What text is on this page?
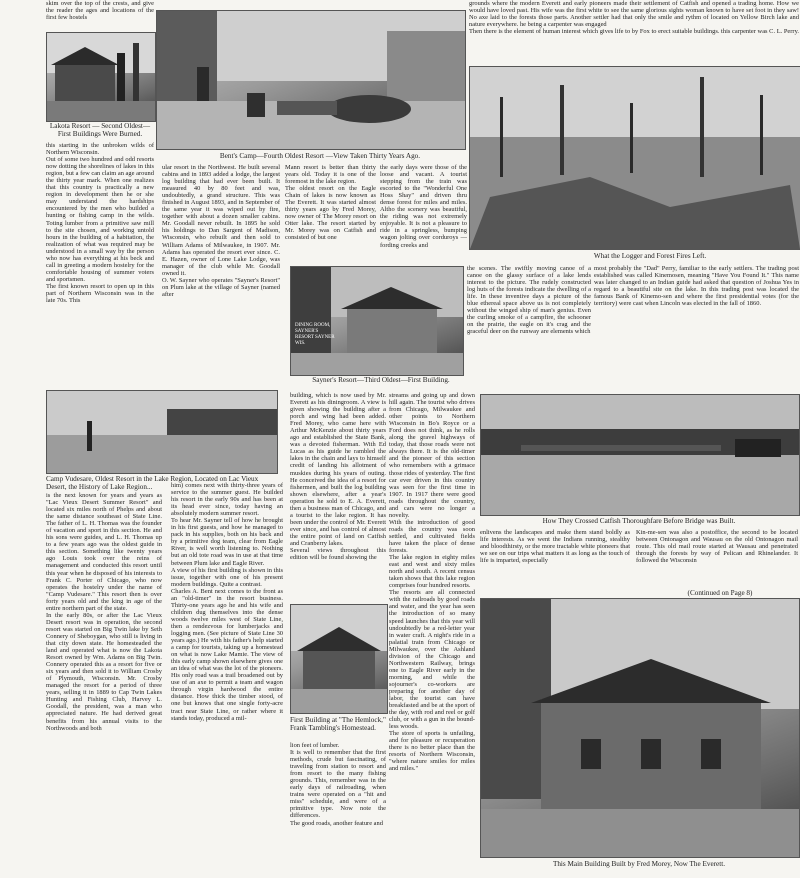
skim over the top of the crests, and give the reader the ages and locations of the first few hostels

grounds where the modern Everett and early pioneers made their settlement of Catfish and opened a trading home. How we would have loved past. His wife was the first white to see the same glorious sights woman known to have set foot in they saw! No axe laid to the forests those parts. Another settler had that only the smile and rythm of located on Yellow Birch lake and nature everywhere. he being a carpenter was engaged
Then there is the element of human interest which gives life to by Fox to erect suitable buildings. this carpenter was C. L. Perry.

Lakota Resort — Second Oldest—First Buildings Were Burned.

Bent's Camp—Fourth Oldest Resort —View Taken Thirty Years Ago.

What the Logger and Forest Fires Left.

this starting in the unbroken wilds of Northern Wisconsin.
Out of some two hundred and odd resorts now dotting the shorelines of lakes in this region, but a few can claim an age around the thirty year mark. When one realizes that this country is practically a new region in development then he or she may understand the hardships encountered by the men who builded a hunting or fishing camp in the wilds. Toting lumber from a primitive saw mill to the site chosen, and working untold hours in the building of a habitation, the realization of what was required may be understood in a small way by the person who now has everything at his beck and call in greeting a modern hostelry for the comfortable housing of summer voters and sportsmen.
The first known resort to open up in this part of Northern Wisconsin was in the late 70s. This

ular resort in the Northwest. He built several cabins and in 1893 added a lodge, the largest log building that had ever been built. It measured 40 by 80 feet and was, undoubtedly, a grand structure. This was finished in August 1893, and in September of the same year it was wiped out by fire, together with about a dozen smaller cabins. Mr. Goodall never rebuilt. In 1895 he sold his holdings to Dan Sargent of Madison, Wisconsin, who rebuilt and then sold to William Adams of Milwaukee, in 1907. Mr. Adams has operated the resort ever since. C. E. Hazen, owner of Lone Lake Lodge, was manager of the club while Mr. Goodall owned it.
O. W. Sayner who operates "Sayner's Resort" on Plum lake at the village of Sayner (named after

Mann resort is better than thirty years old. Today it is one of the foremost in the lake region.
The oldest resort on the Eagle Chain of lakes is now known as The Everett. It was started almost thirty years ago by Fred Morey, now owner of The Morey resort on Otter lake. The resort started by Mr. Morey was on Catfish and consisted of but one

the early days were those of the loose and vacant. A tourist stepping from the train was escorted to the "Wonderful One Hoss Shay" and driven thru dense forest for miles and miles. Altho the scenery was beautiful, the riding was not extremely enjoyable. It is not a pleasure to ride in a springless, bumping wagon jolting over corduroys — fording creeks and

the scenes. The swiftly moving canoe of a canoe on the glassy surface of a lake lends interest to the picture. The rudely constructed log huts of the forests indicate the dwelling of a life. In these inventive days a picture of the blue ethereal space above us is not completely without the winged ship of man's genius. Even the curling smoke of a campfire, the schooner on the prairie, the eagle on it's crag and the graceful deer on the runway are elements which

most probably the "Dad" Perry, familiar to the early settlers. The trading post established was called Kinemosen, meaning "Have You Found It." This name was later changed to an Indian guide had asked that question of Joshua Yes in regard to a beautiful site on the lake. In this trading post was located the famous Bank of Kinemo-sen and where the first presidential votes (for the territory) were cast when Lincoln was elected in the fall of 1860.

DINING ROOM, SAYNER'S RESORT SAYNER WIS.

Sayner's Resort—Third Oldest—First Building.

Camp Vudesare, Oldest Resort in the Lake Region, Located on Lac Vieux Desert, the History of Lake Region...

How They Crossed Catfish Thoroughfare Before Bridge was Built.

is the next known for years and years as "Lac Vieux Desert Summer Resort" and located six miles north of Phelps and about the same distance southeast of State Line. The father of L. H. Thomas was the founder of vacation and sport in this section. He and his sons were guides, and L. H. Thomas up to a few years ago was the oldest guide in this section. Something like twenty years ago Louis took over the reins of management and conducted this resort until this year when he disposed of his interests to Frank C. Porter of Chicago, who now operates the hostelry under the name of "Camp Vudesare." This resort then is over forty years old and the king in age of the entire northern part of the state.
In the early 80s, or after the Lac Vieux Desert resort was in operation, the second resort was started on Big Twin lake by Seth Connery of Sheboygan, who still is living in that city down state. He homesteaded the land and operated what is now the Lakota Resort owned by Wm. Adams on Big Twin. Connery operated this as a resort for five or six years and then sold it to William Crosby of Plymouth, Wisconsin. Mr. Crosby managed the resort for a period of three years, selling it in 1889 to Cap Twin Lakes Hunting and Fishing Club, Harvey L. Goodall, the president, was a man who appreciated nature. He had derived great benefits from his annual visits to the Northwoods and both

him) comes next with thirty-three years of service to the summer guest. He builded his resort in the early 90s and has been at its head ever since, today having an absolutely modern summer resort.
To hear Mr. Sayner tell of how he brought in his first guests, and how he managed to pack in his supplies, both on his back and by a primitive dog team, clear from Eagle River, is well worth listening to. Nothing but an old tote road was in use at that time between Plum lake and Eagle River.
A view of his first building is shown in this issue, together with one of his present modern buildings. Quite a contrast.
Charles A. Bent next comes to the front as an "old-timer" in the resort business. Thirty-one years ago he and his wife and children dug themselves into the dense woods twelve miles west of State Line, then a rendezvous for lumberjacks and logging men. (See picture of State Line 30 years ago.) He with his father's help started a camp for tourists, taking up a homestead on what is now Lake Mamie. The view of this early camp shown elsewhere gives one an idea of what was the lot of the pioneers. His only road was a trail broadened out by use of an axe to permit a team and wagon through virgin hardwood the entire distance. How thick the timber stood, of one but knows that one single forty-acre tract near State Line, or rather where it stands today, produced a mil-

building, which is now used by Mr. Everett as his diningroom. A view is given showing the building after a porch and wing had been added. Fred Morey, who came here with Arthur McKenzie about thirty years ago and established the State Bank, was a devoted fisherman. With Ed Lucas as his guide he rambled the lakes in the chain and lays to himself credit of landing his allotment of muskies during his years of outing. He conceived the idea of a resort for fishermen, and built the log building shown elsewhere, after a year's operation he sold to E. A. Everett, then a business man of Chicago, and a tourist to the lake region. It has been under the control of Mr. Everett ever since, and has control of almost the entire point of land on Catfish and Cranberry lakes.
Several views throughout this edition will be found showing the

streams and going up and down hill again. The tourist who drives from Chicago, Milwaukee and other points to Northern Wisconsin in Bo's Royce or a Ford does not think, as he rolls along the gravel highways of today, that those roads were not always there. It is the old-timer and the pioneer of this section who remembers with a grimace those rides of yesterday. The first car ever driven in this country was seen for the first time in 1907. In 1917 there were good roads throughout the country, and cars were no longer a novelty.
With the introduction of good roads the country was soon settled, and cultivated fields have taken the place of dense forests.
The lake region in eighty miles east and west and sixty miles north and south. A recent census taken shows that this lake region comprises four hundred resorts.
The resorts are all connected with the railroads by good roads and water, and the year has seen the introduction of so many speed launches that this year will undoubtedly be a red-letter year in water craft. A night's ride in a palatial train from Chicago or Milwaukee, over the Ashland division of the Chicago and Northwestern Railway, brings one to Eagle River early in the morning, and while the sojourner's co-workers are preparing for another day of labor, the tourist can have breakfasted and be at the sport of the day, with rod and reel or golf club, or with a gun in the bound-less woods.
The store of sports is unfailing, and for pleasure or recuperation there is no better place than the resorts of Northern Wisconsin, "where nature smiles for miles and miles."

enlivens the landscapes and make them stand boldly as life interests. As we went the Indians running, stealthy and bloodthirsty, or the more tractable white pioneers that we see on our trips what matters it as long as the touch of life is imparted, especially

Kin-me-sen was also a postoffice, the second to be located between Ontonagon and Wausau on the old Ontonagon mail route. This old mail route started at Wausau and penetrated through the forests by way of Pelican and Rhinelander. It followed the Wisconsin

(Continued on Page 8)

First Building at "The Hemlock," Frank Tambling's Homestead.

lion feet of lumber.
It is well to remember that the first methods, crude but fascinating, of traveling from station to resort and from resort to the many fishing grounds. This, remember was in the early days of railroading, when trains were operated on a "hit and miss" schedule, and were of a primitive type. Now note the differences.
The good roads, another feature and

This Main Building Built by Fred Morey, Now The Everett.
